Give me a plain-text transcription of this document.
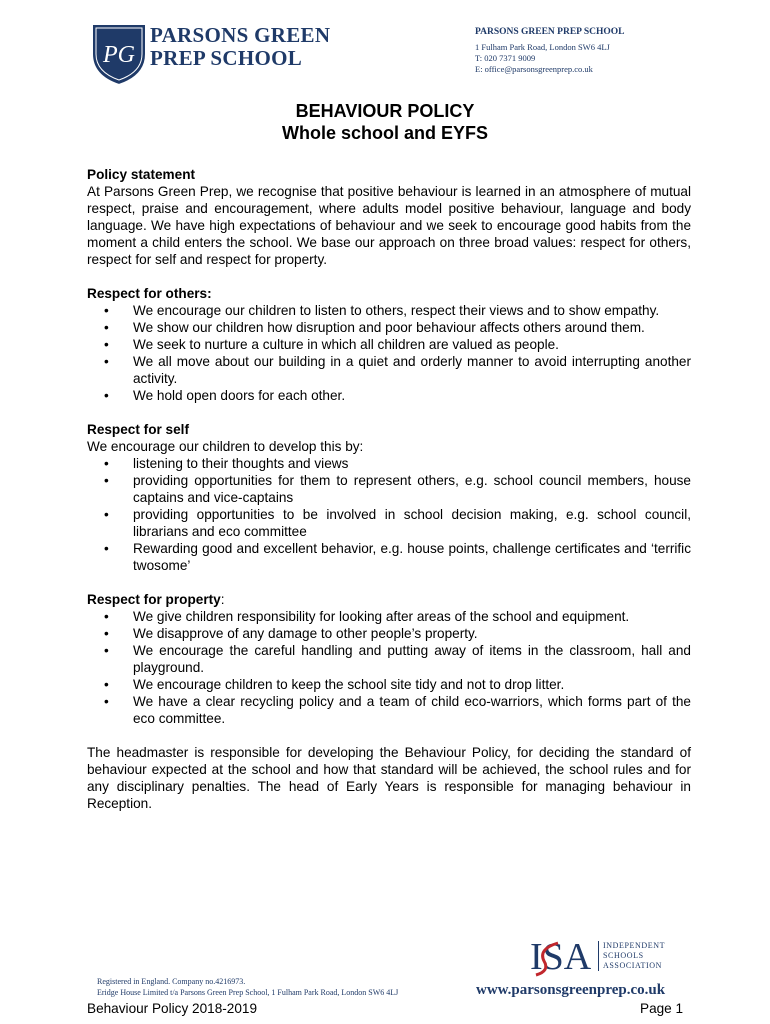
PG
PARSONS GREEN
PREP SCHOOL
PARSONS GREEN PREP SCHOOL
1 Fulham Park Road, London SW6 4LJ
T: 020 7371 9009
E: office@parsonsgreenprep.co.uk
BEHAVIOUR POLICY
Whole school and EYFS
Policy statement
At Parsons Green Prep, we recognise that positive behaviour is learned in an atmosphere of mutual respect, praise and encouragement, where adults model positive behaviour, language and body language. We have high expectations of behaviour and we seek to encourage good habits from the moment a child enters the school. We base our approach on three broad values: respect for others, respect for self and respect for property.
Respect for others:
• We encourage our children to listen to others, respect their views and to show empathy.
• We show our children how disruption and poor behaviour affects others around them.
• We seek to nurture a culture in which all children are valued as people.
• We all move about our building in a quiet and orderly manner to avoid interrupting another activity.
• We hold open doors for each other.
Respect for self
We encourage our children to develop this by:
• listening to their thoughts and views
• providing opportunities for them to represent others, e.g. school council members, house captains and vice-captains
• providing opportunities to be involved in school decision making, e.g. school council, librarians and eco committee
• Rewarding good and excellent behavior, e.g. house points, challenge certificates and ‘terrific twosome’
Respect for property:
• We give children responsibility for looking after areas of the school and equipment.
• We disapprove of any damage to other people’s property.
• We encourage the careful handling and putting away of items in the classroom, hall and playground.
• We encourage children to keep the school site tidy and not to drop litter.
• We have a clear recycling policy and a team of child eco-warriors, which forms part of the eco committee.
The headmaster is responsible for developing the Behaviour Policy, for deciding the standard of behaviour expected at the school and how that standard will be achieved, the school rules and for any disciplinary penalties. The head of Early Years is responsible for managing behaviour in Reception.
ISA INDEPENDENT
SCHOOLS
ASSOCIATION
Registered in England. Company no.4216973.
Eridge House Limited t/a Parsons Green Prep School, 1 Fulham Park Road, London SW6 4LJ	www.parsonsgreenprep.co.uk
Behaviour Policy 2018-2019	Page 1
